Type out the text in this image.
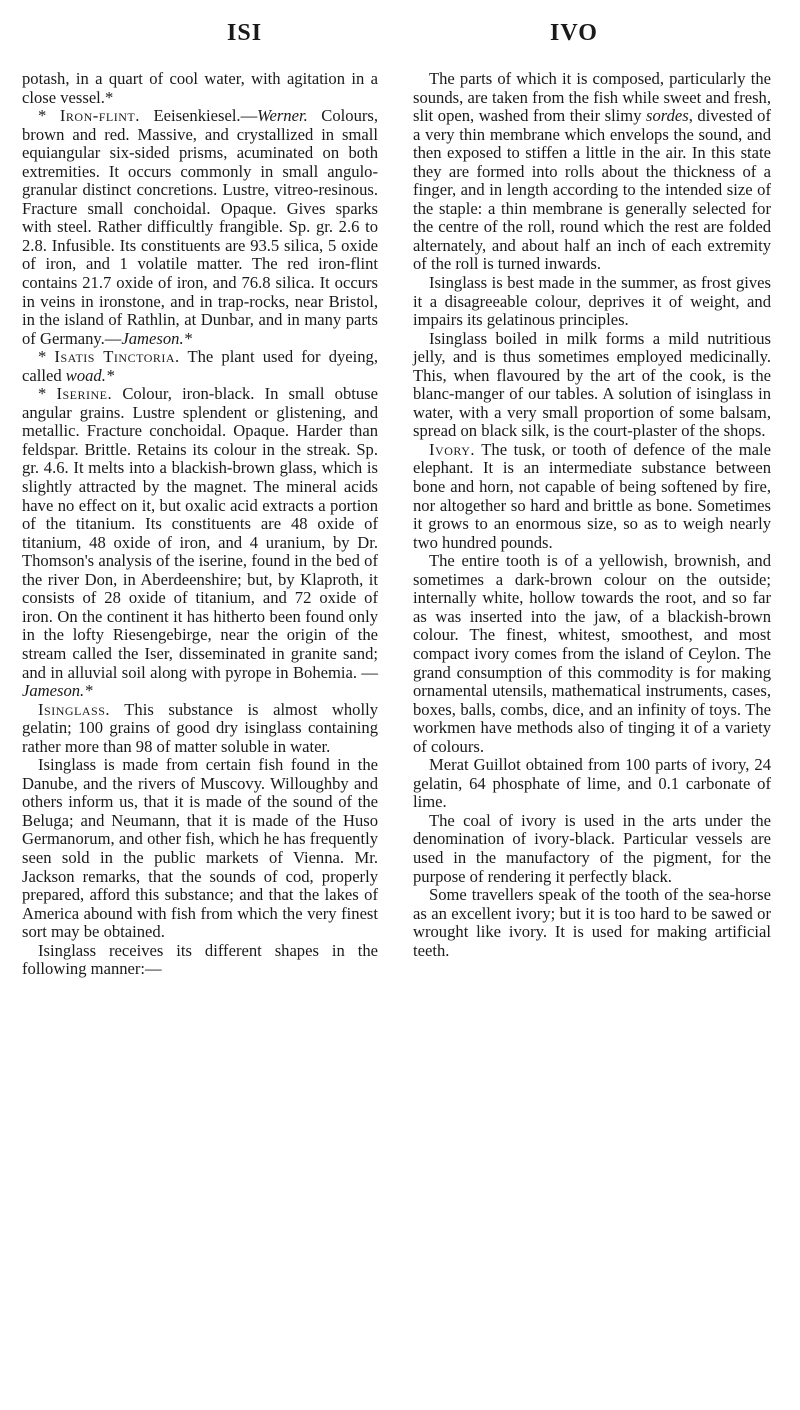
ISI	IVO

potash, in a quart of cool water, with agitation in a close vessel.*

* Iron-flint. Eeisenkiesel.—Werner. Colours, brown and red. Massive, and crystallized in small equiangular six-sided prisms, acuminated on both extremities. It occurs commonly in small angulo-granular distinct concretions. Lustre, vitreo-resinous. Fracture small conchoidal. Opaque. Gives sparks with steel. Rather difficultly frangible. Sp. gr. 2.6 to 2.8. Infusible. Its constituents are 93.5 silica, 5 oxide of iron, and 1 volatile matter. The red iron-flint contains 21.7 oxide of iron, and 76.8 silica. It occurs in veins in ironstone, and in trap-rocks, near Bristol, in the island of Rathlin, at Dunbar, and in many parts of Germany.—Jameson.*

* Isatis Tinctoria. The plant used for dyeing, called woad.*

* Iserine. Colour, iron-black. In small obtuse angular grains. Lustre splendent or glistening, and metallic. Fracture conchoidal. Opaque. Harder than feldspar. Brittle. Retains its colour in the streak. Sp. gr. 4.6. It melts into a blackish-brown glass, which is slightly attracted by the magnet. The mineral acids have no effect on it, but oxalic acid extracts a portion of the titanium. Its constituents are 48 oxide of titanium, 48 oxide of iron, and 4 uranium, by Dr. Thomson's analysis of the iserine, found in the bed of the river Don, in Aberdeenshire; but, by Klaproth, it consists of 28 oxide of titanium, and 72 oxide of iron. On the continent it has hitherto been found only in the lofty Riesengebirge, near the origin of the stream called the Iser, disseminated in granite sand; and in alluvial soil along with pyrope in Bohemia. —Jameson.*

Isinglass. This substance is almost wholly gelatin; 100 grains of good dry isinglass containing rather more than 98 of matter soluble in water.

Isinglass is made from certain fish found in the Danube, and the rivers of Muscovy. Willoughby and others inform us, that it is made of the sound of the Beluga; and Neumann, that it is made of the Huso Germanorum, and other fish, which he has frequently seen sold in the public markets of Vienna. Mr. Jackson remarks, that the sounds of cod, properly prepared, afford this substance; and that the lakes of America abound with fish from which the very finest sort may be obtained.

Isinglass receives its different shapes in the following manner:—

The parts of which it is composed, particularly the sounds, are taken from the fish while sweet and fresh, slit open, washed from their slimy sordes, divested of a very thin membrane which envelops the sound, and then exposed to stiffen a little in the air. In this state they are formed into rolls about the thickness of a finger, and in length according to the intended size of the staple: a thin membrane is generally selected for the centre of the roll, round which the rest are folded alternately, and about half an inch of each extremity of the roll is turned inwards.

Isinglass is best made in the summer, as frost gives it a disagreeable colour, deprives it of weight, and impairs its gelatinous principles.

Isinglass boiled in milk forms a mild nutritious jelly, and is thus sometimes employed medicinally. This, when flavoured by the art of the cook, is the blanc-manger of our tables. A solution of isinglass in water, with a very small proportion of some balsam, spread on black silk, is the court-plaster of the shops.

Ivory. The tusk, or tooth of defence of the male elephant. It is an intermediate substance between bone and horn, not capable of being softened by fire, nor altogether so hard and brittle as bone. Sometimes it grows to an enormous size, so as to weigh nearly two hundred pounds.

The entire tooth is of a yellowish, brownish, and sometimes a dark-brown colour on the outside; internally white, hollow towards the root, and so far as was inserted into the jaw, of a blackish-brown colour. The finest, whitest, smoothest, and most compact ivory comes from the island of Ceylon. The grand consumption of this commodity is for making ornamental utensils, mathematical instruments, cases, boxes, balls, combs, dice, and an infinity of toys. The workmen have methods also of tinging it of a variety of colours.

Merat Guillot obtained from 100 parts of ivory, 24 gelatin, 64 phosphate of lime, and 0.1 carbonate of lime.

The coal of ivory is used in the arts under the denomination of ivory-black. Particular vessels are used in the manufactory of the pigment, for the purpose of rendering it perfectly black.

Some travellers speak of the tooth of the sea-horse as an excellent ivory; but it is too hard to be sawed or wrought like ivory. It is used for making artificial teeth.
